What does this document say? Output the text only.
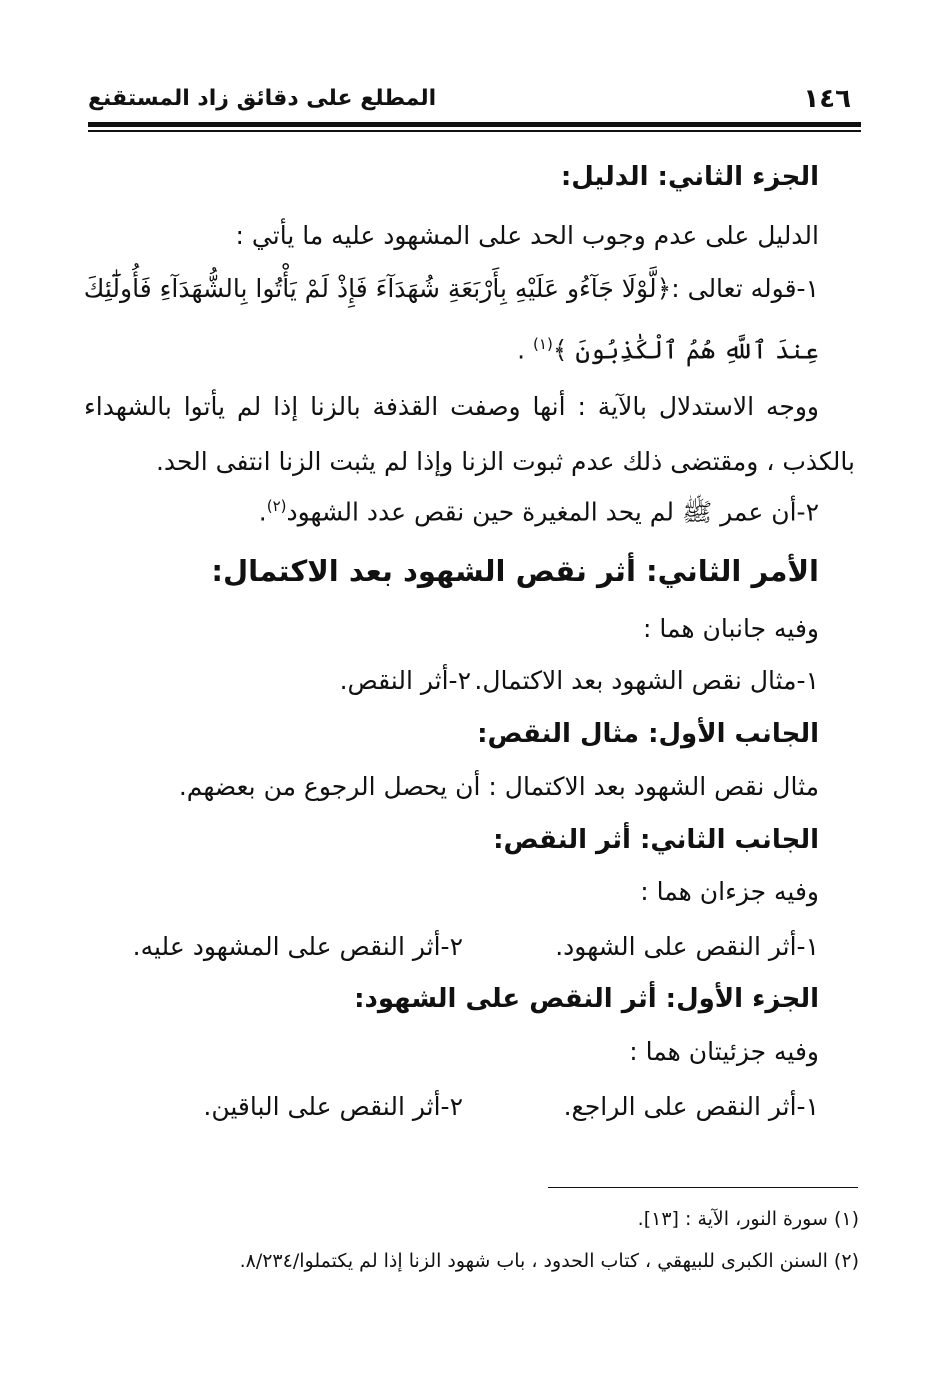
١٤٦
المطلع على دقائق زاد المستقنع
الجزء الثاني: الدليل:
الدليل على عدم وجوب الحد على المشهود عليه ما يأتي :
١-قوله تعالى :
﴿لَّوْلَا جَآءُو عَلَيْهِ بِأَرْبَعَةِ شُهَدَآءَ فَإِذْ لَمْ يَأْتُوا بِالشُّهَدَآءِ فَأُولَٰٓئِكَ
عِندَ ٱللَّهِ هُمُ ٱلْكَٰذِبُونَ ﴾$^{(١)}$ .
ووجه الاستدلال بالآية : أنها وصفت القذفة بالزنا إذا لم يأتوا بالشهداء
بالكذب ، ومقتضى ذلك عدم ثبوت الزنا وإذا لم يثبت الزنا انتفى الحد.
٢-أن عمر ﷺ لم يحد المغيرة حين نقص عدد الشهود$^{(٢)}$.
الأمر الثاني: أثر نقص الشهود بعد الاكتمال:
وفيه جانبان هما :
١-مثال نقص الشهود بعد الاكتمال.
٢-أثر النقص.
الجانب الأول: مثال النقص:
مثال نقص الشهود بعد الاكتمال : أن يحصل الرجوع من بعضهم.
الجانب الثاني: أثر النقص:
وفيه جزءان هما :
١-أثر النقص على الشهود.
٢-أثر النقص على المشهود عليه.
الجزء الأول: أثر النقص على الشهود:
وفيه جزئيتان هما :
١-أثر النقص على الراجع.
٢-أثر النقص على الباقين.
(١) سورة النور، الآية : [١٣].
(٢) السنن الكبرى للبيهقي ، كتاب الحدود ، باب شهود الزنا إذا لم يكتملوا/٨/٢٣٤.
